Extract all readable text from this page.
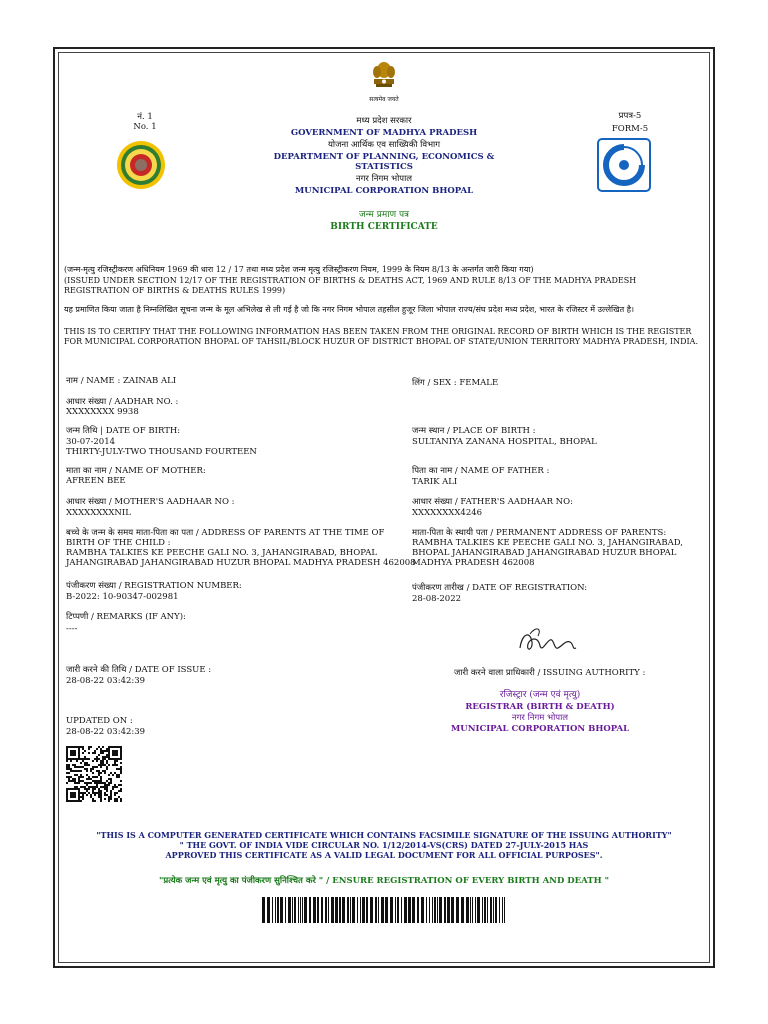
सत्यमेव जयते
नं. 1
No. 1
प्रपत्र-5
FORM-5
मध्य प्रदेश सरकार
GOVERNMENT OF MADHYA PRADESH
योजना आर्थिक एव साख्यिकी विभाग
DEPARTMENT OF PLANNING, ECONOMICS &
STATISTICS
नगर निगम भोपाल
MUNICIPAL CORPORATION BHOPAL
जन्म प्रमाण पत्र
BIRTH CERTIFICATE
(जन्म-मृत्यु रजिस्ट्रीकरण अधिनियम 1969 की धारा 12 / 17 तथा मध्य प्रदेश जन्म मृत्यु रजिस्ट्रीकरण नियम, 1999 के नियम 8/13 के अन्तर्गत जारी किया गया)
(ISSUED UNDER SECTION 12/17 OF THE REGISTRATION OF BIRTHS & DEATHS ACT, 1969 AND RULE 8/13 OF THE MADHYA PRADESH REGISTRATION OF BIRTHS & DEATHS RULES 1999)
यह प्रमाणित किया जाता है निम्नलिखित सूचना जन्म के मूल अभिलेख से ली गई है जो कि नगर निगम भोपाल तहसील हुजूर जिला भोपाल राज्य/संघ प्रदेश मध्य प्रदेश, भारत के रजिस्टर में उल्लेखित है।
THIS IS TO CERTIFY THAT THE FOLLOWING INFORMATION HAS BEEN TAKEN FROM THE ORIGINAL RECORD OF BIRTH WHICH IS THE REGISTER FOR MUNICIPAL CORPORATION BHOPAL OF TAHSIL/BLOCK HUZUR OF DISTRICT BHOPAL OF STATE/UNION TERRITORY MADHYA PRADESH, INDIA.
नाम / NAME : ZAINAB ALI
आधार संख्या / AADHAR NO. :
XXXXXXXX 9938
जन्म तिथि | DATE OF BIRTH:
30-07-2014
THIRTY-JULY-TWO THOUSAND FOURTEEN
माता का नाम / NAME OF MOTHER:
AFREEN BEE
आधार संख्या / MOTHER'S AADHAAR NO :
XXXXXXXXNIL
बच्चे के जन्म के समय माता-पिता का पता / ADDRESS OF PARENTS AT THE TIME OF
BIRTH OF THE CHILD :
RAMBHA TALKIES KE PEECHE GALI NO. 3, JAHANGIRABAD, BHOPAL
JAHANGIRABAD JAHANGIRABAD HUZUR BHOPAL MADHYA PRADESH 462008
पंजीकरण संख्या / REGISTRATION NUMBER:
B-2022: 10-90347-002981
टिप्पणी / REMARKS (IF ANY):
----
जारी करने की तिथि / DATE OF ISSUE :
28-08-22 03:42:39
UPDATED ON :
28-08-22 03:42:39
लिंग / SEX : FEMALE
जन्म स्थान / PLACE OF BIRTH :
SULTANIYA ZANANA HOSPITAL, BHOPAL
पिता का नाम / NAME OF FATHER :
TARIK ALI
आधार संख्या / FATHER'S AADHAAR NO:
XXXXXXXX4246
माता-पिता के स्थायी पता / PERMANENT ADDRESS OF PARENTS:
RAMBHA TALKIES KE PEECHE GALI NO. 3, JAHANGIRABAD,
BHOPAL JAHANGIRABAD JAHANGIRABAD HUZUR BHOPAL
MADHYA PRADESH 462008
पंजीकरण तारीख / DATE OF REGISTRATION:
28-08-2022
जारी करने वाला प्राधिकारी / ISSUING AUTHORITY :
रजिस्ट्रार (जन्म एवं मृत्यु)
REGISTRAR (BIRTH & DEATH)
नगर निगम भोपाल
MUNICIPAL CORPORATION BHOPAL
"THIS IS A COMPUTER GENERATED CERTIFICATE WHICH CONTAINS FACSIMILE SIGNATURE OF THE ISSUING AUTHORITY"
" THE GOVT. OF INDIA VIDE CIRCULAR NO. 1/12/2014-VS(CRS) DATED 27-JULY-2015 HAS
APPROVED THIS CERTIFICATE AS A VALID LEGAL DOCUMENT FOR ALL OFFICIAL PURPOSES".
"प्रत्येक जन्म एवं मृत्यु का पंजीकरण सुनिश्चित करे " / ENSURE REGISTRATION OF EVERY BIRTH AND DEATH "
